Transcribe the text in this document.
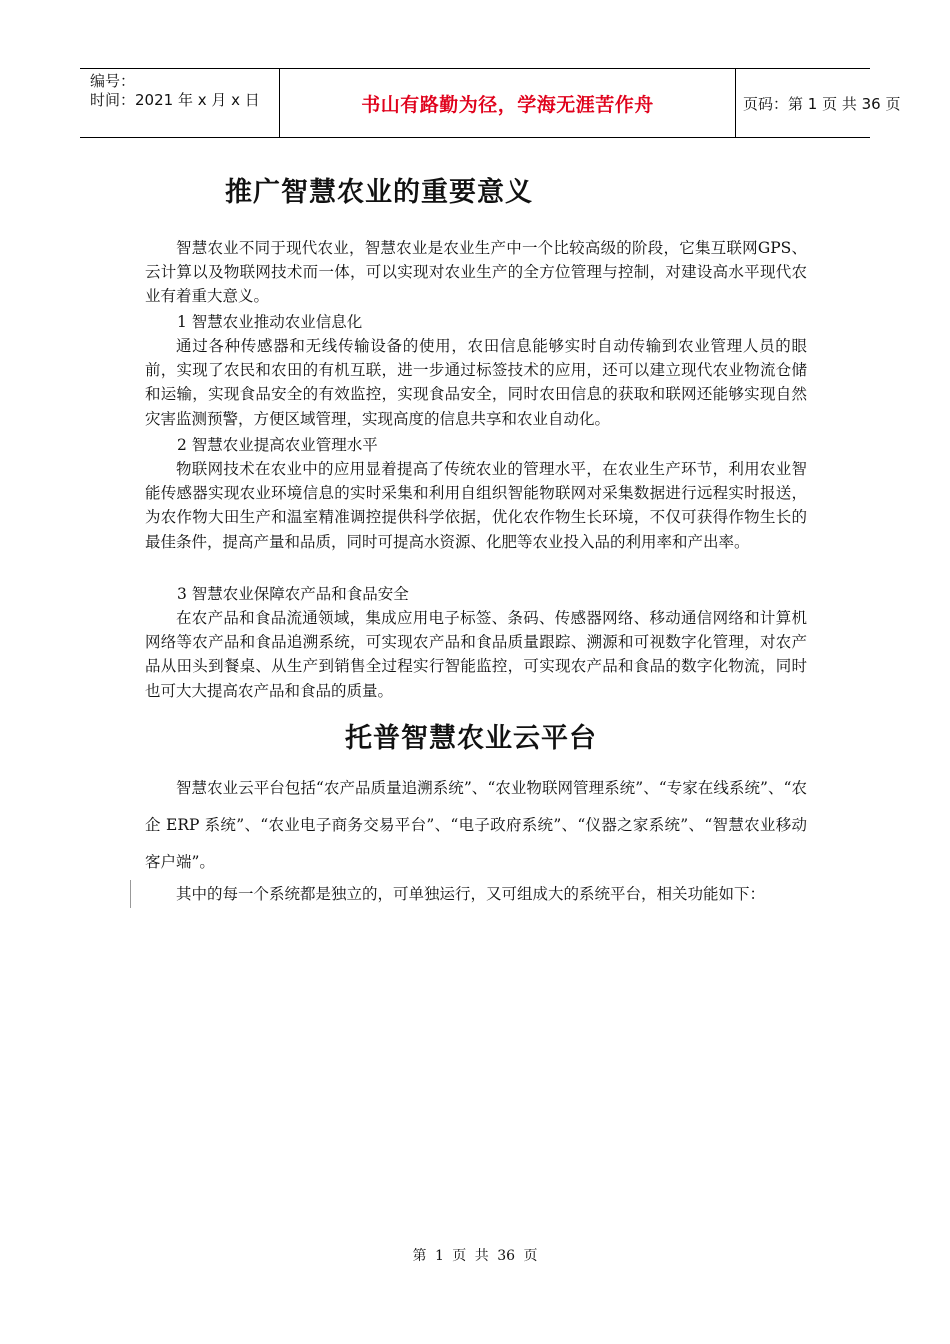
编号：
时间：2021 年 x 月 x 日	书山有路勤为径，学海无涯苦作舟	页码：第 1 页 共 36 页
推广智慧农业的重要意义

智慧农业不同于现代农业，智慧农业是农业生产中一个比较高级的阶段，它集互联网GPS、云计算以及物联网技术而一体，可以实现对农业生产的全方位管理与控制，对建设高水平现代农业有着重大意义。

1 智慧农业推动农业信息化

通过各种传感器和无线传输设备的使用，农田信息能够实时自动传输到农业管理人员的眼前，实现了农民和农田的有机互联，进一步通过标签技术的应用，还可以建立现代农业物流仓储和运输，实现食品安全的有效监控，实现食品安全，同时农田信息的获取和联网还能够实现自然灾害监测预警，方便区域管理，实现高度的信息共享和农业自动化。

2 智慧农业提高农业管理水平

物联网技术在农业中的应用显着提高了传统农业的管理水平，在农业生产环节，利用农业智能传感器实现农业环境信息的实时采集和利用自组织智能物联网对采集数据进行远程实时报送，为农作物大田生产和温室精准调控提供科学依据，优化农作物生长环境，不仅可获得作物生长的最佳条件，提高产量和品质，同时可提高水资源、化肥等农业投入品的利用率和产出率。

3 智慧农业保障农产品和食品安全

在农产品和食品流通领域，集成应用电子标签、条码、传感器网络、移动通信网络和计算机网络等农产品和食品追溯系统，可实现农产品和食品质量跟踪、溯源和可视数字化管理，对农产品从田头到餐桌、从生产到销售全过程实行智能监控，可实现农产品和食品的数字化物流，同时也可大大提高农产品和食品的质量。

托普智慧农业云平台

智慧农业云平台包括“农产品质量追溯系统”、“农业物联网管理系统”、“专家在线系统”、“农企 ERP 系统”、“农业电子商务交易平台”、“电子政府系统”、“仪器之家系统”、“智慧农业移动客户端”。

其中的每一个系统都是独立的，可单独运行，又可组成大的系统平台，相关功能如下：

第 1 页 共 36 页
